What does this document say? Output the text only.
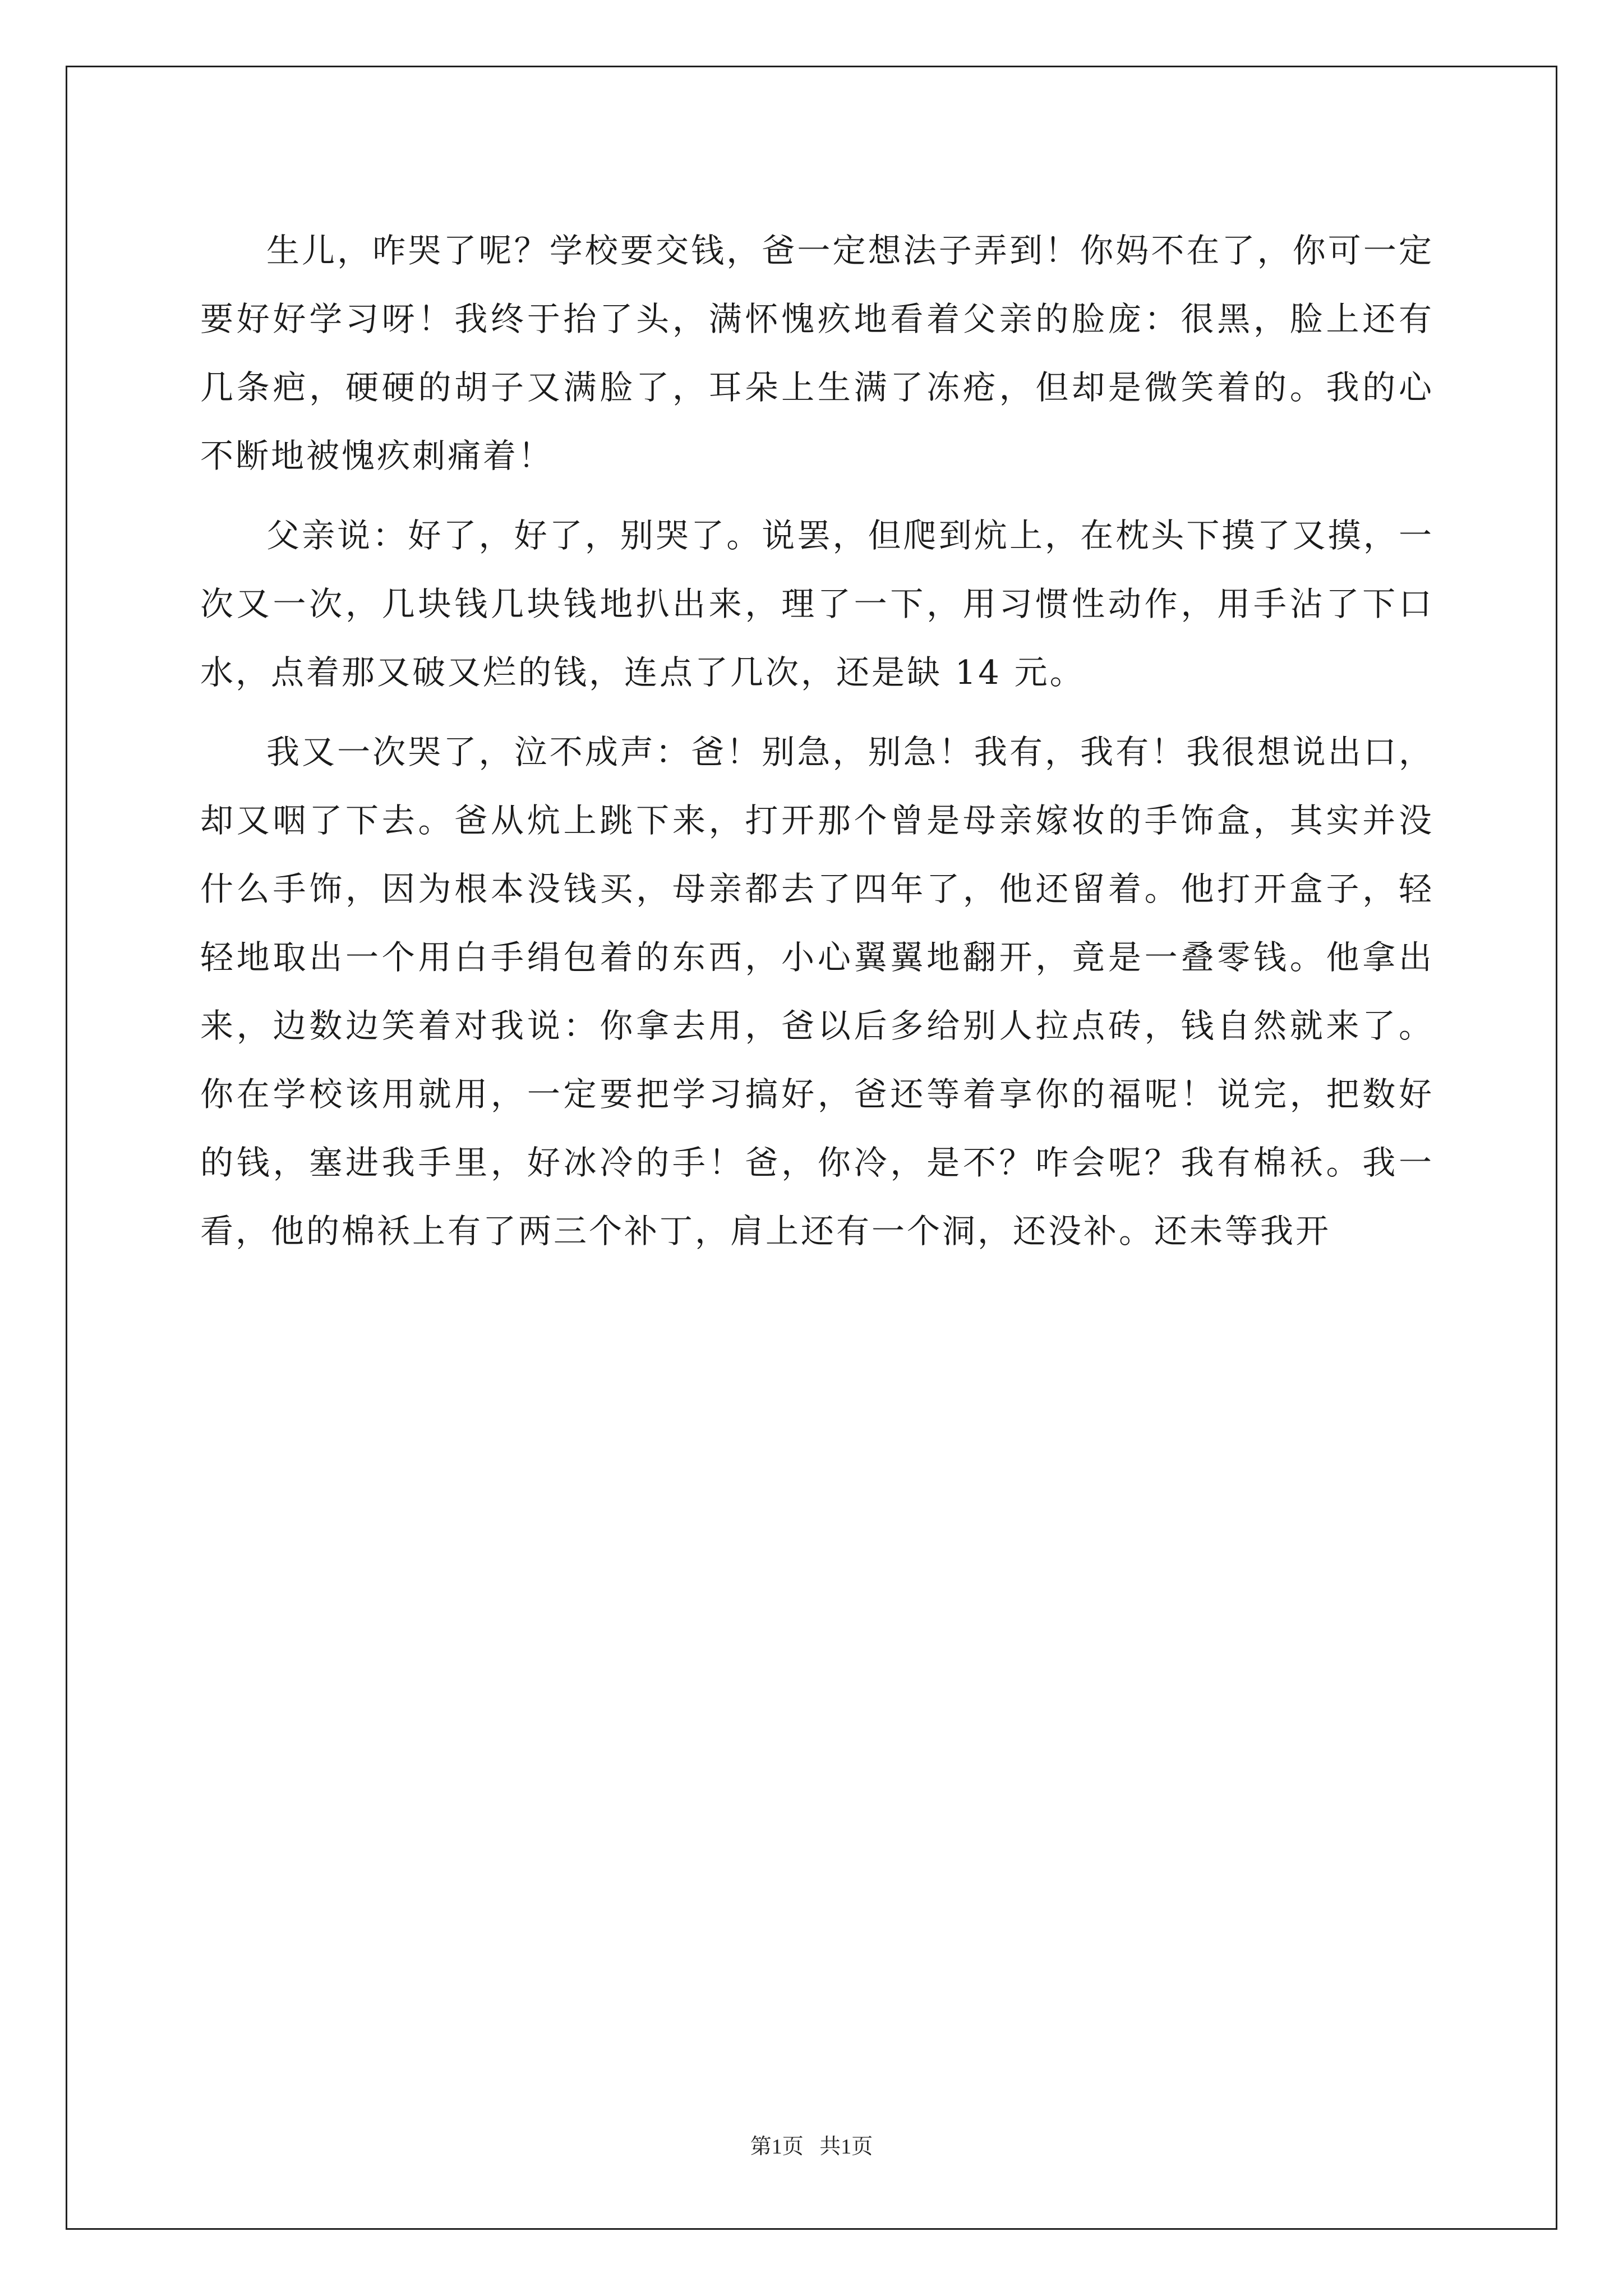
生儿，咋哭了呢？学校要交钱，爸一定想法子弄到！你妈不在了，你可一定要好好学习呀！我终于抬了头，满怀愧疚地看着父亲的脸庞：很黑，脸上还有几条疤，硬硬的胡子又满脸了，耳朵上生满了冻疮，但却是微笑着的。我的心不断地被愧疚刺痛着！

父亲说：好了，好了，别哭了。说罢，但爬到炕上，在枕头下摸了又摸，一次又一次，几块钱几块钱地扒出来，理了一下，用习惯性动作，用手沾了下口水，点着那又破又烂的钱，连点了几次，还是缺 14 元。

我又一次哭了，泣不成声：爸！别急，别急！我有，我有！我很想说出口，却又咽了下去。爸从炕上跳下来，打开那个曾是母亲嫁妆的手饰盒，其实并没什么手饰，因为根本没钱买，母亲都去了四年了，他还留着。他打开盒子，轻轻地取出一个用白手绢包着的东西，小心翼翼地翻开，竟是一叠零钱。他拿出来，边数边笑着对我说：你拿去用，爸以后多给别人拉点砖，钱自然就来了。你在学校该用就用，一定要把学习搞好，爸还等着享你的福呢！说完，把数好的钱，塞进我手里，好冰冷的手！爸，你冷，是不？咋会呢？我有棉袄。我一看，他的棉袄上有了两三个补丁，肩上还有一个洞，还没补。还未等我开

第1页   共1页
